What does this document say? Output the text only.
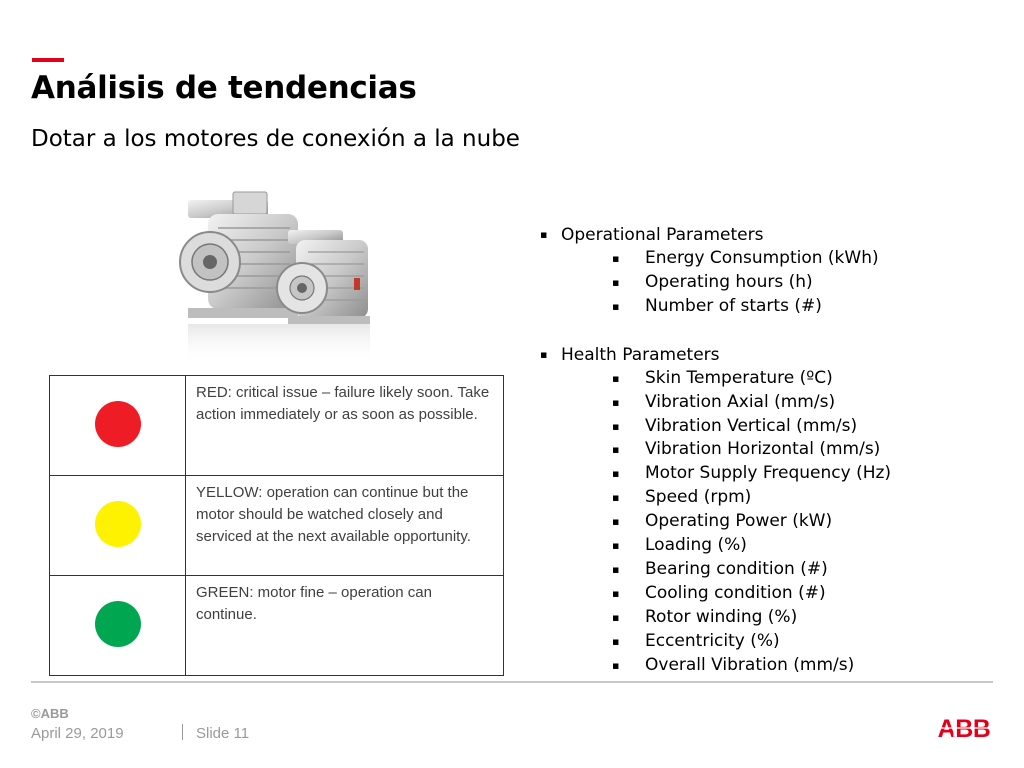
Análisis de tendencias
Dotar a los motores de conexión a la nube
	RED: critical issue – failure likely soon. Take action immediately or as soon as possible.
	YELLOW: operation can continue but the motor should be watched closely and serviced at the next available opportunity.
	GREEN: motor fine – operation can continue.
▪ Operational Parameters
▪ Energy Consumption (kWh)
▪ Operating hours (h)
▪ Number of starts (#)
▪ Health Parameters
▪ Skin Temperature (ºC)
▪ Vibration Axial (mm/s)
▪ Vibration Vertical (mm/s)
▪ Vibration Horizontal (mm/s)
▪ Motor Supply Frequency (Hz)
▪ Speed (rpm)
▪ Operating Power (kW)
▪ Loading (%)
▪ Bearing condition (#)
▪ Cooling condition (#)
▪ Rotor winding (%)
▪ Eccentricity (%)
▪ Overall Vibration (mm/s)
©ABB
April 29, 2019	Slide 11	ABB
